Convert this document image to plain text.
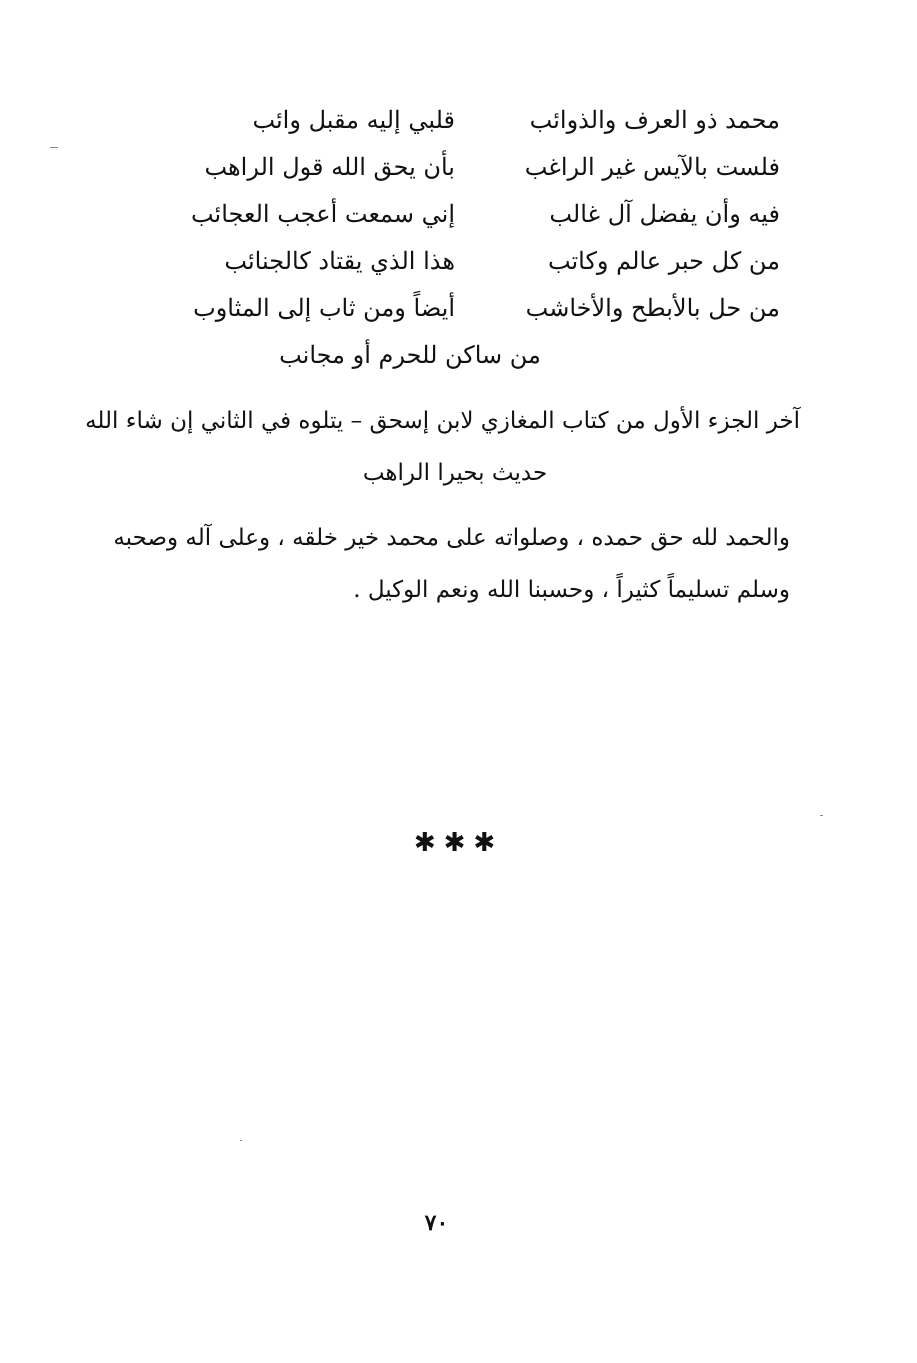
محمد ذو العرف والذوائب
قلبي إليه مقبل وائب
فلست بالآيس غير الراغب
بأن يحق الله قول الراهب
فيه وأن يفضل آل غالب
إني سمعت أعجب العجائب
من كل حبر عالم وكاتب
هذا الذي يقتاد كالجنائب
من حل بالأبطح والأخاشب
أيضاً ومن ثاب إلى المثاوب
من ساكن للحرم أو مجانب
آخر الجزء الأول من كتاب المغازي لابن إسحق – يتلوه في الثاني إن شاء الله
حديث بحيرا الراهب
والحمد لله حق حمده ، وصلواته على محمد خير خلقه ، وعلى آله وصحبه
وسلم تسليماً كثيراً ، وحسبنا الله ونعم الوكيل .
✱✱✱
٧٠
